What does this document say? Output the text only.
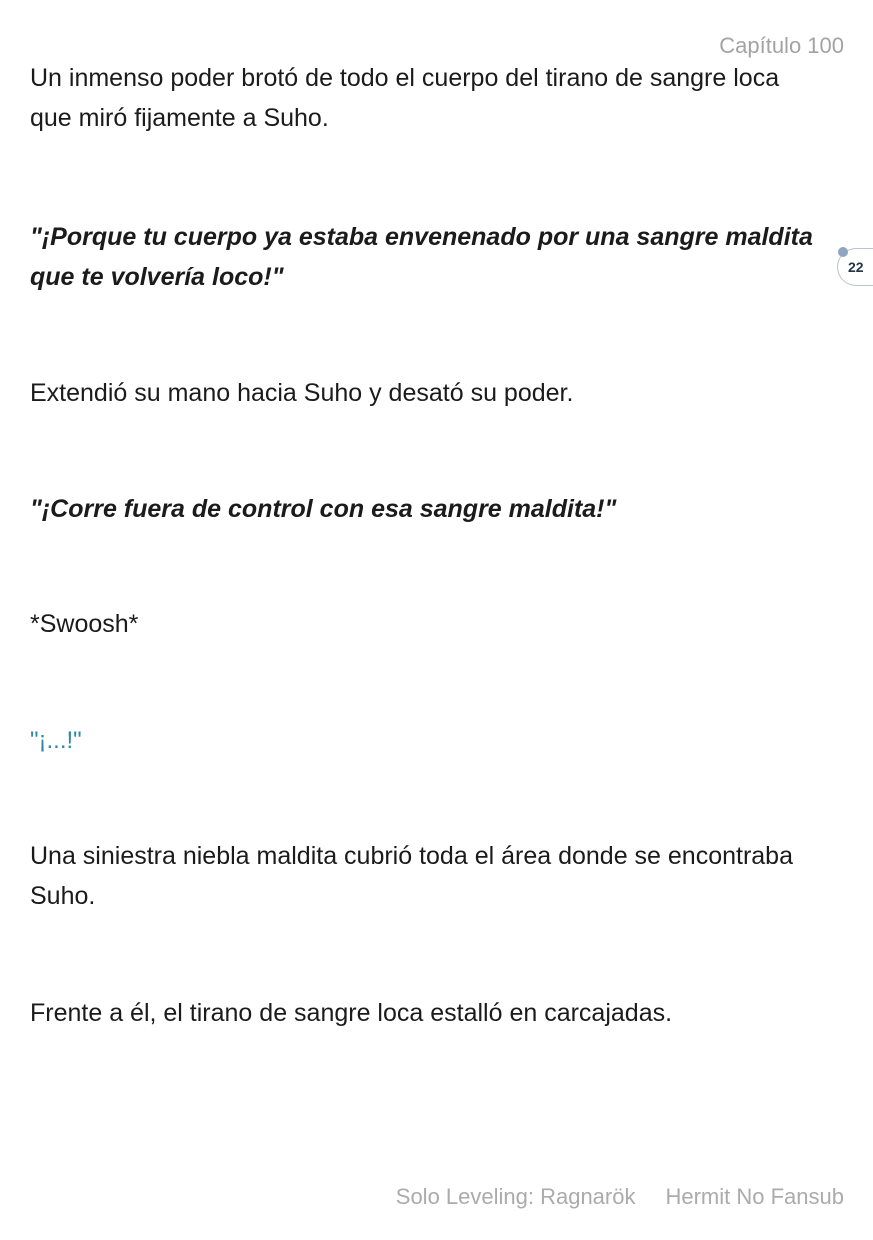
Capítulo 100

Un inmenso poder brotó de todo el cuerpo del tirano de sangre loca que miró fijamente a Suho.

"¡Porque tu cuerpo ya estaba envenenado por una sangre maldita que te volvería loco!"

Extendió su mano hacia Suho y desató su poder.

"¡Corre fuera de control con esa sangre maldita!"

*Swoosh*

"¡...!"

Una siniestra niebla maldita cubrió toda el área donde se encontraba Suho.

Frente a él, el tirano de sangre loca estalló en carcajadas.

22
Solo Leveling: Ragnarök Hermit No Fansub
